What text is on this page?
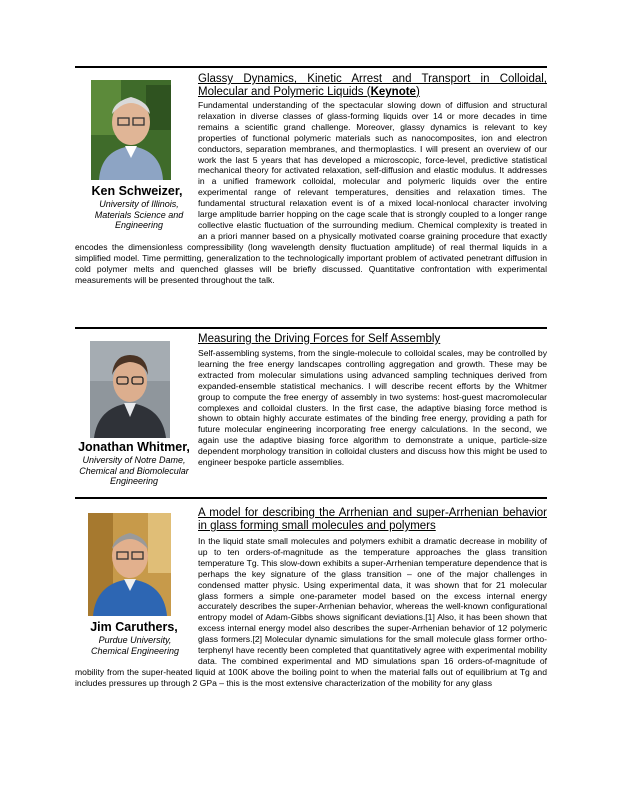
Ken Schweizer,
University of Illinois, Materials Science and Engineering
Glassy Dynamics, Kinetic Arrest and Transport in Colloidal, Molecular and Polymeric Liquids (Keynote)

Fundamental understanding of the spectacular slowing down of diffusion and structural relaxation in diverse classes of glass-forming liquids over 14 or more decades in time remains a scientific grand challenge. Moreover, glassy dynamics is relevant to key properties of functional polymeric materials such as nanocomposites, ion and electron conductors, separation membranes, and thermoplastics. I will present an overview of our work the last 5 years that has developed a microscopic, force-level, predictive statistical mechanical theory for activated relaxation, self-diffusion and elastic modulus. It addresses in a unified framework colloidal, molecular and polymeric liquids over the entire experimental range of relevant temperatures, densities and relaxation times. The fundamental structural relaxation event is of a mixed local-nonlocal character involving large amplitude barrier hopping on the cage scale that is strongly coupled to a longer range collective elastic fluctuation of the surrounding medium. Chemical complexity is treated in an a priori manner based on a physically motivated coarse graining procedure that exactly encodes the dimensionless compressibility (long wavelength density fluctuation amplitude) of real thermal liquids in a simplified model. Time permitting, generalization to the technologically important problem of activated penetrant diffusion in cold polymer melts and quenched glasses will be briefly discussed. Quantitative confrontation with experimental measurements will be presented throughout the talk.

Jonathan Whitmer,
University of Notre Dame, Chemical and Biomolecular Engineering
Measuring the Driving Forces for Self Assembly

Self-assembling systems, from the single-molecule to colloidal scales, may be controlled by learning the free energy landscapes controlling aggregation and growth. These may be extracted from molecular simulations using advanced sampling techniques derived from expanded-ensemble statistical mechanics. I will describe recent efforts by the Whitmer group to compute the free energy of assembly in two systems: host-guest macromolecular complexes and colloidal clusters. In the first case, the adaptive biasing force method is shown to obtain highly accurate estimates of the binding free energy, providing a path for future molecular engineering incorporating free energy calculations. In the second, we again use the adaptive biasing force algorithm to demonstrate a unique, particle-size dependent morphology transition in colloidal clusters and discuss how this might be used to engineer bespoke particle assemblies.

Jim Caruthers,
Purdue University, Chemical Engineering
A model for describing the Arrhenian and super-Arrhenian behavior in glass forming small molecules and polymers

In the liquid state small molecules and polymers exhibit a dramatic decrease in mobility of up to ten orders-of-magnitude as the temperature approaches the glass transition temperature Tg. This slow-down exhibits a super-Arrhenian temperature dependence that is perhaps the key signature of the glass transition – one of the major challenges in condensed matter physic. Using experimental data, it was shown that for 21 molecular glass formers a simple one-parameter model based on the excess internal energy accurately describes the super-Arrhenian behavior, whereas the well-known configurational entropy model of Adam-Gibbs shows significant deviations.[1] Also, it has been shown that excess internal energy model also describes the super-Arrhenian behavior of 12 polymeric glass formers.[2] Molecular dynamic simulations for the small molecule glass former ortho-terphenyl have recently been completed that quantitatively agree with experimental mobility data. The combined experimental and MD simulations span 16 orders-of-magnitude of mobility from the super-heated liquid at 100K above the boiling point to when the material falls out of equilibrium at Tg and includes pressures up through 2 GPa – this is the most extensive characterization of the mobility for any glass
